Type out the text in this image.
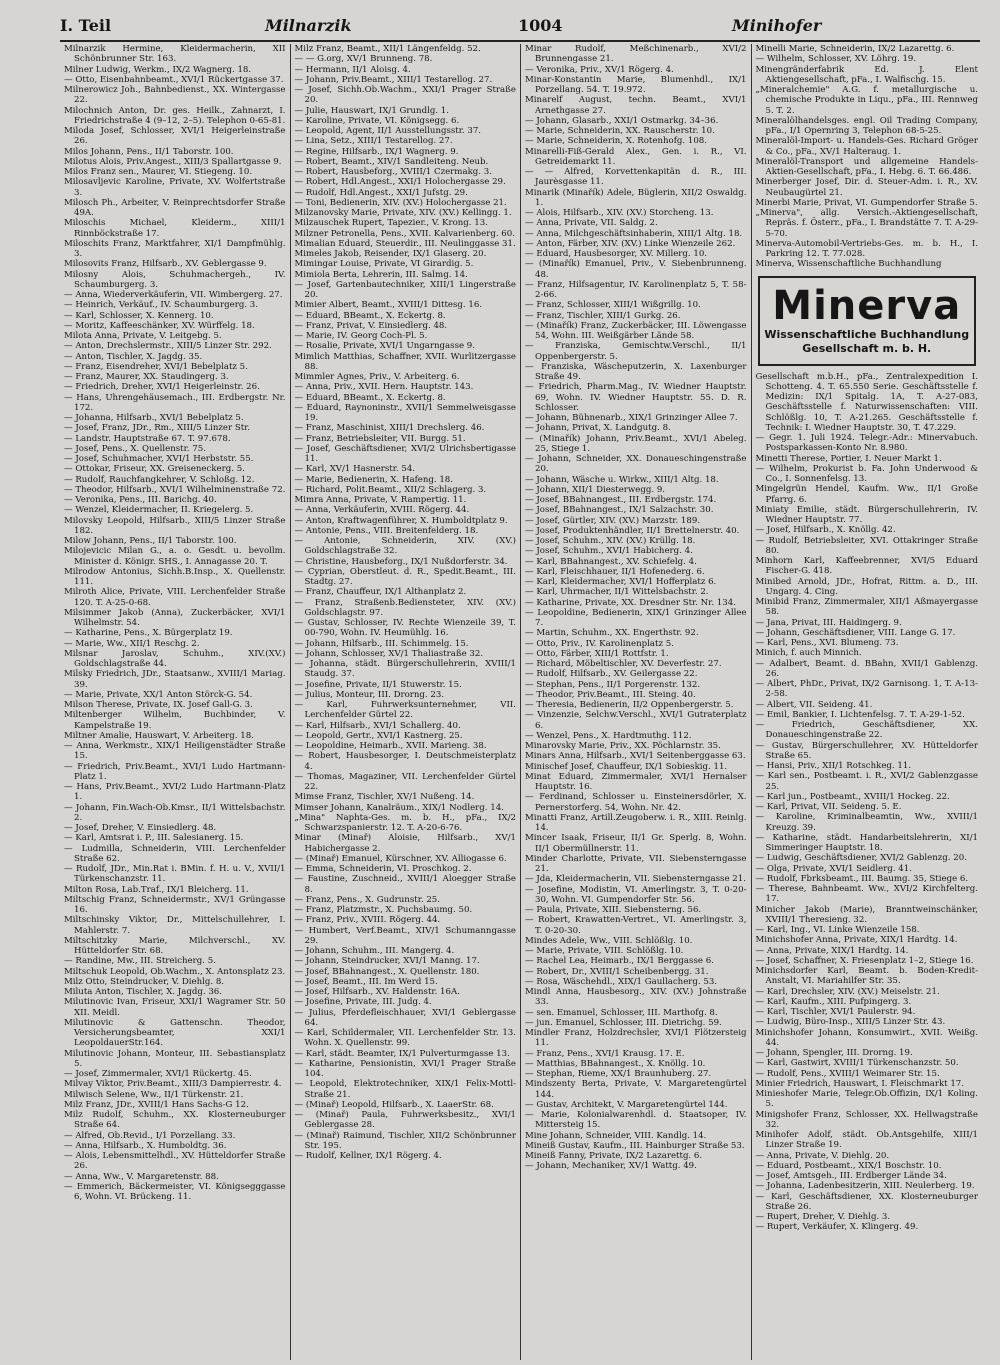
I. Teil	Milnarzik	1004	Minihofer
Milnarzik Hermine, Kleidermacherin, XII Schönbrunner Str. 163.
Milner Ludwig, Werkm., IX/2 Wagnerg. 18.
— Otto, Eisenbahnbeamt., XVI/1 Rückertgasse 37.
Milnerowicz Joh., Bahnbedienst., XX. Wintergasse 22.
Milochnich Anton, Dr. ges. Heilk., Zahnarzt, I. Friedrichstraße 4 (9–12, 2–5). Telephon 0-65-81.
Miloda Josef, Schlosser, XVI/1 Heigerleinstraße 26.
Milos Johann, Pens., II/1 Taborstr. 100.
Milotus Alois, Priv.Angest., XIII/3 Spallartgasse 9.
Milos Franz sen., Maurer, VI. Stiegeng. 10.
Milosavljevic Karoline, Private, XV. Wolfertstraße 3.
Milosch Ph., Arbeiter, V. Reinprechtsdorfer Straße 49A.
Miloschis Michael, Kleiderm., XIII/1 Rinnböckstraße 17.
Miloschits Franz, Marktfahrer, XI/1 Dampfmühlg. 3.
Milosovits Franz, Hilfsarb., XV. Geblergasse 9.
Milosny Alois, Schuhmachergeh., IV. Schaumburgerg. 3.
— Anna, Wiederverkäuferin, VII. Wimbergerg. 27.
— Heinrich, Verkäuf., IV. Schaumburgerg. 3.
— Karl, Schlosser, X. Kennerg. 10.
— Moritz, Kaffeeschänker, XV. Würffelg. 18.
Milota Anna, Private, V. Leitgebg. 5.
— Anton, Drechslermstr., XIII/5 Linzer Str. 292.
— Anton, Tischler, X. Jagdg. 35.
— Franz, Eisendreher, XVI/1 Bebelplatz 5.
— Franz, Maurer, XX. Staudingerg. 3.
— Friedrich, Dreher, XVI/1 Heigerleinstr. 26.
— Hans, Uhrengehäusemach., III. Erdbergstr. Nr. 172.
— Johanna, Hilfsarb., XVI/1 Bebelplatz 5.
— Josef, Franz, JDr., Rm., XIII/5 Linzer Str.
— Landstr. Hauptstraße 67. T. 97.678.
— Josef, Pens., X. Quellenstr. 75.
— Josef, Schuhmacher, XVI/1 Herbststr. 55.
— Ottokar, Friseur, XX. Greiseneckerg. 5.
— Rudolf, Rauchfangkehrer, V. Schloßg. 12.
— Theodor, Hilfsarb., XVI/1 Wilhelminenstraße 72.
— Veronika, Pens., III. Barichg. 40.
— Wenzel, Kleidermacher, II. Kriegelerg. 5.
Milovsky Leopold, Hilfsarb., XIII/5 Linzer Straße 182.
Milow Johann, Pens., II/1 Taborstr. 100.
Milojevicic Milan G., a. o. Gesdt. u. bevollm. Minister d. Königr. SHS., I. Annagasse 20. T.
Milrodow Antonius, Sichh.B.Insp., X. Quellenstr. 111.
Milroth Alice, Private, VIII. Lerchenfelder Straße 120. T. A-25-0-68.
Milsimmer Jakob (Anna), Zuckerbäcker, XVI/1 Wilhelmstr. 54.
— Katharine, Pens., X. Bürgerplatz 19.
— Marie, Ww., XII/1 Reschg. 2.
Milsnar Jaroslav, Schuhm., XIV.(XV.) Goldschlagstraße 44.
Milsky Friedrich, JDr., Staatsanw., XVIII/1 Mariag. 39.
— Marie, Private, XX/1 Anton Störck-G. 54.
Milson Therese, Private, IX. Josef Gall-G. 3.
Miltenberger Wilhelm, Buchbinder, V. Kampelstraße 19.
Miltner Amalie, Hauswart, V. Arbeiterg. 18.
— Anna, Werkmstr., XIX/1 Heiligenstädter Straße 15.
— Friedrich, Priv.Beamt., XVI/1 Ludo Hartmann-Platz 1.
— Hans, Priv.Beamt., XVI/2 Ludo Hartmann-Platz 1.
— Johann, Fin.Wach-Ob.Kmsr., II/1 Wittelsbachstr. 2.
— Josef, Dreher, V. Einsiedlerg. 48.
— Karl, Amtsrat i. P., III. Salesianerg. 15.
— Ludmilla, Schneiderin, VIII. Lerchenfelder Straße 62.
— Rudolf, JDr., Min.Rat i. BMin. f. H. u. V., XVII/1 Türkenschanzstr. 11.
Milton Rosa, Lab.Traf., IX/1 Bleicherg. 11.
Miltschig Franz, Schneidermstr., XV/1 Grüngasse 16.
Miltschinsky Viktor, Dr., Mittelschullehrer, I. Mahlerstr. 7.
Miltschitzky Marie, Milchverschl., XV. Hütteldorfer Str. 68.
— Randine, Mw., III. Streicherg. 5.
Miltschuk Leopold, Ob.Wachm., X. Antonsplatz 23.
Milz Otto, Steindrucker, V. Diehlg. 8.
Miluta Anton, Tischler, X. Jagdg. 36.
Milutinovic Ivan, Friseur, XXI/1 Wagramer Str. 50 XII. Meidl.
Milutinovic & Gattenschn. Theodor, Versicherungsbeamter, XXI/1 LeopoldauerStr.164.
Milutinovic Johann, Monteur, III. Sebastiansplatz 5.
— Josef, Zimmermaler, XVI/1 Rückertg. 45.
Milvay Viktor, Priv.Beamt., XIII/3 Dampierrestr. 4.
Milwisch Selene, Ww., II/1 Türkenstr. 21.
Milz Franz, JDr., XVIII/1 Hans Sachs-G 12.
Milz Rudolf, Schuhm., XX. Klosterneuburger Straße 64.
— Alfred, Ob.Revid., I/1 Porzellang. 33.
— Anna, Hilfsarb., X. Humboldtg. 36.
— Alois, Lebensmittelhdl., XV. Hütteldorfer Straße 26.
— Anna, Ww., V. Margaretenstr. 88.
— Emmerich, Bäckermeister, VI. Königsegggasse 6, Wohn. VI. Brückeng. 11.
Milz Franz, Beamt., XII/1 Längenfeldg. 52.
— — G.org, XV/1 Brunneng. 78.
— Hermann, II/1 Aloisg. 4.
— Johann, Priv.Beamt., XIII/1 Testarellog. 27.
— Josef, Sichh.Ob.Wachm., XXI/1 Prager Straße 20.
— Julie, Hauswart, IX/1 Grundlg. 1.
— Karoline, Private, VI. Königsegg. 6.
— Leopold, Agent, II/1 Ausstellungsstr. 37.
— Lina, Setz., XIII/1 Testarellog. 27.
— Regine, Hilfsarb., IX/1 Wagnerg. 9.
— Robert, Beamt., XIV/1 Sandleiteng. Neub.
— Robert, Hausbeforg., XVIII/1 Czermakg. 3.
— Robert, Hdl.Angest., XXI/1 Holochergasse 29.
— Rudolf, Hdl.Angest., XXI/1 Jufstg. 29.
— Toni, Bedienerin, XIV. (XV.) Holochergasse 21.
Milzanovsky Marie, Private, XIV. (XV.) Kellingg. 1.
Milzauschek Rupert, Tapezier., V. Krong. 13.
Milzner Petronella, Pens., XVII. Kalvarienberg. 60.
Mimalian Eduard, Steuerdir., III. Neulinggasse 31.
Mimeles Jakob, Reisender, IX/1 Glaserg. 20.
Mimingar Louise, Private, VI Girardig. 5.
Mimiola Berta, Lehrerin, III. Salmg. 14.
— Josef, Gartenbautechniker, XIII/1 Lingerstraße 20.
Mimier Albert, Beamt., XVIII/1 Dittesg. 16.
— Eduard, BBeamt., X. Eckertg. 8.
— Franz, Privat, V. Einsiedlerg. 48.
— Marie, IV. Georg Coch-Pl. 5.
— Rosalie, Private, XVI/1 Ungarngasse 9.
Mimlich Matthias, Schaffner, XVII. Wurlitzergasse 88.
Mimmler Agnes, Priv., V. Arbeiterg. 6.
— Anna, Priv., XVII. Hern. Hauptstr. 143.
— Eduard, BBeamt., X. Eckertg. 8.
— Eduard, Raynoninstr., XVII/1 Semmelweisgasse 19.
— Franz, Maschinist, XIII/1 Drechslerg. 46.
— Franz, Betriebsleiter, VII. Burgg. 51.
— Josef, Geschäftsdiener, XVI/2 Ulrichsbertigasse 11.
— Karl, XV/1 Hasnerstr. 54.
— Marie, Bedienerin, X. Hafeng. 18.
— Richard, Polit.Beamt., XII/2 Schlagerg. 3.
Mimra Anna, Private, V. Rampertig. 11.
— Anna, Verkäuferin, XVIII. Rögerg. 44.
— Anton, Kraftwagenführer, X. Humboldtplatz 9.
— Antonie, Pens., VIII. Breitenfelderg. 18.
— Antonie, Schneiderin, XIV. (XV.) Goldschlagstraße 32.
— Christine, Hausbeforg., IX/1 Nußdorferstr. 34.
— Cyprian, Oberstleut. d. R., Spedit.Beamt., III. Stadtg. 27.
— Franz, Chauffeur, IX/1 Althanplatz 2.
— Franz, Straßenb.Bediensteter, XIV. (XV.) Goldschlagstr. 97.
— Gustav, Schlosser, IV. Rechte Wienzeile 39, T. 00-790, Wohn. IV. Heumühlg. 16.
— Johann, Hilfsarb., III. Schimmelg. 15.
— Johann, Schlosser, XV/1 Thaliastraße 32.
— Johanna, städt. Bürgerschullehrerin, XVIII/1 Staudg. 37.
— Josefine, Private, II/1 Stuwerstr. 15.
— Julius, Monteur, III. Drorng. 23.
— Karl, Fuhrwerksunternehmer, VII. Lerchenfelder Gürtel 22.
— Karl, Hilfsarb., XVI/1 Schallerg. 40.
— Leopold, Gertr., XVI/1 Kastnerg. 25.
— Leopoldine, Heimarb., XVII. Marieng. 38.
— Robert, Hausbesorger, I. Deutschmeisterplatz 4.
— Thomas, Magaziner, VII. Lerchenfelder Gürtel 22.
Mimse Franz, Tischler, XV/1 Nußeng. 14.
Mimser Johann, Kanalräum., XIX/1 Nodlerg. 14.
„Mina" Naphta-Ges. m. b. H., pFa., IX/2 Schwarzspanierstr. 12. T. A-20-6-76.
Minar (Minař) Aloisie, Hilfsarb., XV/1 Habichergasse 2.
— (Minař) Emanuel, Kürschner, XV. Alliogasse 6.
— Emma, Schneiderin, VI. Proschkog. 2.
— Faustine, Zuschneid., XVIII/1 Aloegger Straße 8.
— Franz, Pens., X. Gudrunstr. 25.
— Franz, Platzmstr., X. Puchsbaumg. 50.
— Franz, Priv., XVIII. Rögerg. 44.
— Humbert, Verf.Beamt., XIV/1 Schumanngasse 29.
— Johann, Schuhm., III. Mangerg. 4.
— Johann, Steindrucker, XVI/1 Manng. 17.
— Josef, BBahnangest., X. Quellenstr. 180.
— Josef, Beamt., III. Im Werd 15.
— Josef, Hilfsarb., XV. Haldenstr. 16A.
— Josefine, Private, III. Judg. 4.
— Julius, Pferdefleischhauer, XVI/1 Geblergasse 64.
— Karl, Schildermaler, VII. Lerchenfelder Str. 13. Wohn. X. Quellenstr. 99.
— Karl, städt. Beamter, IX/1 Pulverturmgasse 13.
— Katharine, Pensionistin, XVI/1 Prager Straße 104.
— Leopold, Elektrotechniker, XIX/1 Felix-Mottl-Straße 21.
— (Minař) Leopold, Hilfsarb., X. LaaerStr. 68.
— (Minař) Paula, Fuhrwerksbesitz., XVI/1 Geblergasse 28.
— (Minař) Raimund, Tischler, XII/2 Schönbrunner Str. 195.
— Rudolf, Kellner, IX/1 Rögerg. 4.
Minar Rudolf, Meßchinenarb., XVI/2 Brunnengasse 21.
— Veronika, Priv., XV/1 Rögerg. 4.
Minar-Konstantin Marie, Blumenhdl., IX/1 Porzellang. 54. T. 19.972.
Minarelf August, techn. Beamt., XVI/1 Arnethgasse 27.
— Johann, Glasarb., XXI/1 Ostmarkg. 34–36.
— Marie, Schneiderin, XX. Rauscherstr. 10.
— Marie, Schneiderin, X. Rotenhofg. 108.
Minarelli-Fiß-Gerald Alex., Gen. i. R., VI. Getreidemarkt 11.
— — Alfred, Korvettenkapitän d. R., III. Jaurèsgasse 11.
Minarik (Minařík) Adele, Büglerin, XII/2 Oswaldg. 1.
— Alois, Hilfsarb., XIV. (XV.) Storcheng. 13.
— Anna, Private, VII. Saldg. 2.
— Anna, Milchgeschäftsinhaberin, XIII/1 Altg. 18.
— Anton, Färber, XIV. (XV.) Linke Wienzeile 262.
— Eduard, Hausbesorger, XV. Millerg. 10.
— (Minařík) Emanuel, Priv., V. Siebenbrunneng. 48.
— Franz, Hilfsagentur, IV. Karolinenplatz 5, T. 58-2-66.
— Franz, Schlosser, XIII/1 Wißgrillg. 10.
— Franz, Tischler, XIII/1 Gurkg. 26.
— (Minařík) Franz, Zuckerbäcker, III. Löwengasse 54, Wohn. III. Weißgärber Lände 58.
— Franziska, Gemischtw.Verschl., II/1 Oppenbergerstr. 5.
— Franziska, Wäscheputzerin, X. Laxenburger Straße 49.
— Friedrich, Pharm.Mag., IV. Wiedner Hauptstr. 69, Wohn. IV. Wiedner Hauptstr. 55. D. R. Schlosser.
— Johann, Bühnenarb., XIX/1 Grinzinger Allee 7.
— Johann, Privat, X. Landgutg. 8.
— (Minařík) Johann, Priv.Beamt., XVI/1 Abeleg. 25, Stiege 1.
— Johann, Schneider, XX. Donaueschingenstraße 20.
— Johann, Wäsche u. Wirkw., XIII/1 Altg. 18.
— Johann, XII/1 Diesterwegg. 9.
— Josef, BBahnangest., III. Erdbergstr. 174.
— Josef, BBahnangest., IX/1 Salzachstr. 30.
— Josef, Gürtler, XIV. (XV.) Marzstr. 189.
— Josef, Produktenhändler, II/1 Brettelnerstr. 40.
— Josef, Schuhm., XIV. (XV.) Krüllg. 18.
— Josef, Schuhm., XVI/1 Habicherg. 4.
— Karl, BBahnangest., XV. Schiefelg. 4.
— Karl, Fleischhauer, II/1 Hofenederg. 6.
— Karl, Kleidermacher, XVI/1 Hofferplatz 6.
— Karl, Uhrmacher, II/1 Wittelsbachstr. 2.
— Katharine, Private, XX. Dresdner Str. Nr. 134.
— Leopoldine, Bedienerin, XIX/1 Grinzinger Allee 7.
— Martin, Schuhm., XX. Engerthstr. 92.
— Otto, Priv., IV. Karolinenplatz 5.
— Otto, Färber, XIII/1 Rottfstr. 1.
— Richard, Möbeltischler, XV. Deverfestr. 27.
— Rudolf, Hilfsarb., XV. Geilergasse 22.
— Stephan, Pens., II/1 Porgerenstr. 132.
— Theodor, Priv.Beamt., III. Steing. 40.
— Theresia, Bedienerin, II/2 Oppenbergerstr. 5.
— Vinzenzie, Selchw.Verschl., XVI/1 Gutraterplatz 6.
— Wenzel, Pens., X. Hardtmuthg. 112.
Minarovsky Marie, Priv., XX. Pöchlarnstr. 35.
Minars Anna, Hilfsarb., XVI/1 Seitenberggasse 63.
Minischef Josef, Chauffeur, IX/1 Sobieskig. 11.
Minat Eduard, Zimmermaler, XVI/1 Hernalser Hauptstr. 16.
— Ferdinand, Schlosser u. Einsteinersdörler, X. Pernerstorferg. 54, Wohn. Nr. 42.
Minatti Franz, Artill.Zeugoberw. i. R., XIII. Reinlg. 14.
Mincer Isaak, Friseur, II/1 Gr. Sperlg. 8, Wohn. II/1 Obermüllnerstr. 11.
Minder Charlotte, Private, VII. Siebensterngasse 21.
— Jda, Kleidermacherin, VII. Siebensterngasse 21.
— Josefine, Modistin, VI. Amerlingstr. 3, T. 0-20-30, Wohn. VI. Gumpendorfer Str. 56.
— Paula, Private, XIII. Siebensterng. 56.
— Robert, Krawatten-Vertret., VI. Amerlingstr. 3, T. 0-20-30.
Mindes Adele, Ww., VIII. Schlößlg. 10.
— Marie, Private, VIII. Schlößlg. 10.
— Rachel Lea, Heimarb., IX/1 Berggasse 6.
— Robert, Dr., XVIII/1 Scheibenbergg. 31.
— Rosa, Wäschehdl., XIX/1 Gaullacherg. 53.
Mindl Anna, Hausbesorg., XIV. (XV.) Johnstraße 33.
— sen. Emanuel, Schlosser, III. Marthofg. 8.
— jun. Emanuel, Schlosser, III. Dietrichg. 59.
Mindler Franz, Holzdrechsler, XVI/1 Flötzersteig 11.
— Franz, Pens., XVI/1 Krausg. 17. E.
— Matthias, BBahnangest., X. Knöllg. 10.
— Stephan, Rieme, XX/1 Braunhuberg. 27.
Mindszenty Berta, Private, V. Margaretengürtel 144.
— Gustav, Architekt, V. Margaretengürtel 144.
— Marie, Kolonialwarenhdl. d. Staatsoper, IV. Mittersteig 15.
Mine Johann, Schneider, VIII. Kandlg. 14.
Mineiß Gustav, Kaufm., III. Hainburger Straße 53.
Mineiß Fanny, Private, IX/2 Lazarettg. 6.
— Johann, Mechaniker, XV/1 Wattg. 49.
Minelli Marie, Schneiderin, IX/2 Lazarettg. 6.
— Wilhelm, Schlosser, XV. Löhrg. 19.
Minengränderfabrik Ed. J. Elent Aktiengesellschaft, pFa., I. Walfischg. 15.
„Mineralchemie" A.G. f. metallurgische u. chemische Produkte in Liqu., pFa., III. Rennweg 5. T. 2.
Mineralölhandelsges. engl. Oil Trading Company, pFa., I/1 Opernring 3, Telephon 68-5-25.
Mineralöl-Import- u. Handels-Ges. Richard Gröger & Co., pFa., XV/1 Halteraug. 1.
Mineralöl-Transport und allgemeine Handels-Aktien-Gesellschaft, pFa., I. Hebg. 6. T. 66.486.
Minerberger Josef, Dir. d. Steuer-Adm. i. R., XV. Neubaugürtel 21.
Minerbi Marie, Privat, VI. Gumpendorfer Straße 5.
„Minerva", allg. Versich.-Aktiengesellschaft, Repräs. f. Österr., pFa., I. Brandstätte 7. T. A-29-5-70.
Minerva-Automobil-Vertriebs-Ges. m. b. H., I. Parkring 12. T. 77.028.
Minerva, Wissenschaftliche Buchhandlung
Minerva
Wissenschaftliche Buchhandlung
Gesellschaft m. b. H.
Gesellschaft m.b.H., pFa., Zentralexpedition I. Schotteng. 4. T. 65.550 Serie. Geschäftsstelle f. Medizin: IX/1 Spitalg. 1A, T. A-27-083, Geschäftsstelle f. Naturwissenschaften: VIII. Schlößlg. 10, T. A-21.265. Geschäftsstelle f. Technik: I. Wiedner Hauptstr. 30, T. 47.229.
— Gegr. 1. Juli 1924. Telegr.-Adr.: Minervabuch. Postsparkassen-Konto Nr. 8.980.
Minetti Therese, Portier, I. Neuer Markt 1.
— Wilhelm, Prokurist b. Fa. John Underwood & Co., I. Sonnenfelsg. 13.
Mingelgrün Hendel, Kaufm. Ww., II/1 Große Pfarrg. 6.
Miniaty Emilie, städt. Bürgerschullehrerin, IV. Wiedner Hauptstr. 77.
— Josef, Hilfsarb., X. Knöllg. 42.
— Rudolf, Betriebsleiter, XVI. Ottakringer Straße 80.
Minhorn Karl, Kaffeebrenner, XVI/5 Eduard Fischer-G. 418.
Minibed Arnold, JDr., Hofrat, Rittm. a. D., III. Ungarg. 4. Cing.
Minibid Franz, Zimmermaler, XII/1 Aßmayergasse 58.
— Jana, Privat, III. Haidingerg. 9.
— Johann, Geschäftsdiener, VIII. Lange G. 17.
— Karl, Pens., XVI. Blumeng. 73.
Minich, f. auch Minnich.
— Adalbert, Beamt. d. BBahn, XVII/1 Gablenzg. 26.
— Albert, PhDr., Privat, IX/2 Garnisong. 1, T. A-13-2-58.
— Albert, VII. Seideng. 41.
— Emil, Bankier, I. Lichtenfelsg. 7. T. A-29-1-52.
— Friedrich, Geschäftsdiener, XX. Donaueschingenstraße 22.
— Gustav, Bürgerschullehrer, XV. Hütteldorfer Straße 65.
— Hansi, Priv., XII/1 Rotschkeg. 11.
— Karl sen., Postbeamt. i. R., XVI/2 Gablenzgasse 25.
— Karl jun., Postbeamt., XVIII/1 Hockeg. 22.
— Karl, Privat, VII. Seideng. 5. E.
— Karoline, Kriminalbeamtin, Ww., XVIII/1 Kreuzg. 39.
— Katharine, städt. Handarbeitslehrerin, XI/1 Simmeringer Hauptstr. 18.
— Ludwig, Geschäftsdiener, XVI/2 Gablenzg. 20.
— Olga, Private, XVI/1 Seidlerg. 41.
— Rudolf, Fbrksbeamt., III. Baumg. 35, Stiege 6.
— Therese, Bahnbeamt. Ww., XVI/2 Kirchfelterg. 17.
Minicher Jakob (Marie), Branntweinschänker, XVIII/1 Theresieng. 32.
— Karl, Ing., VI. Linke Wienzeile 158.
Minichshofer Anna, Private, XIX/1 Hardtg. 14.
— Anna, Private, XIX/1 Hardtg. 14.
— Josef, Schaffner, X. Friesenplatz 1–2, Stiege 16.
Minichsdorfer Karl, Beamt. b. Boden-Kredit-Anstalt, VI. Mariahilfer Str. 35.
— Karl, Drechsler, XIV. (XV.) Meiselstr. 21.
— Karl, Kaufm., XIII. Pufpingerg. 3.
— Karl, Tischler, XVI/1 Paulerstr. 94.
— Ludwig, Büro-Insp., XIII/5 Linzer Str. 43.
Minichshofer Johann, Konsumwirt., XVII. Weißg. 44.
— Johann, Spengler, III. Drorng. 19.
— Karl, Gastwirt, XVIII/1 Türkenschanzstr. 50.
— Rudolf, Pens., XVIII/1 Weimarer Str. 15.
Minier Friedrich, Hauswart, I. Fleischmarkt 17.
Minieshofer Marie, Telegr.Ob.Offizin, IX/1 Koling. 5.
Minigshofer Franz, Schlosser, XX. Hellwagstraße 32.
Minihofer Adolf, städt. Ob.Antsgehilfe, XIII/1 Linzer Straße 19.
— Anna, Private, V. Diehlg. 20.
— Eduard, Postbeamt., XIX/1 Boschstr. 10.
— Josef, Amtsgeh., III. Erdberger Lände 34.
— Johanna, Ladenbesitzerin, XIII. Neulerberg. 19.
— Karl, Geschäftsdiener, XX. Klosterneuburger Straße 26.
— Rupert, Dreher, V. Diehlg. 3.
— Rupert, Verkäufer, X. Klingerg. 49.
